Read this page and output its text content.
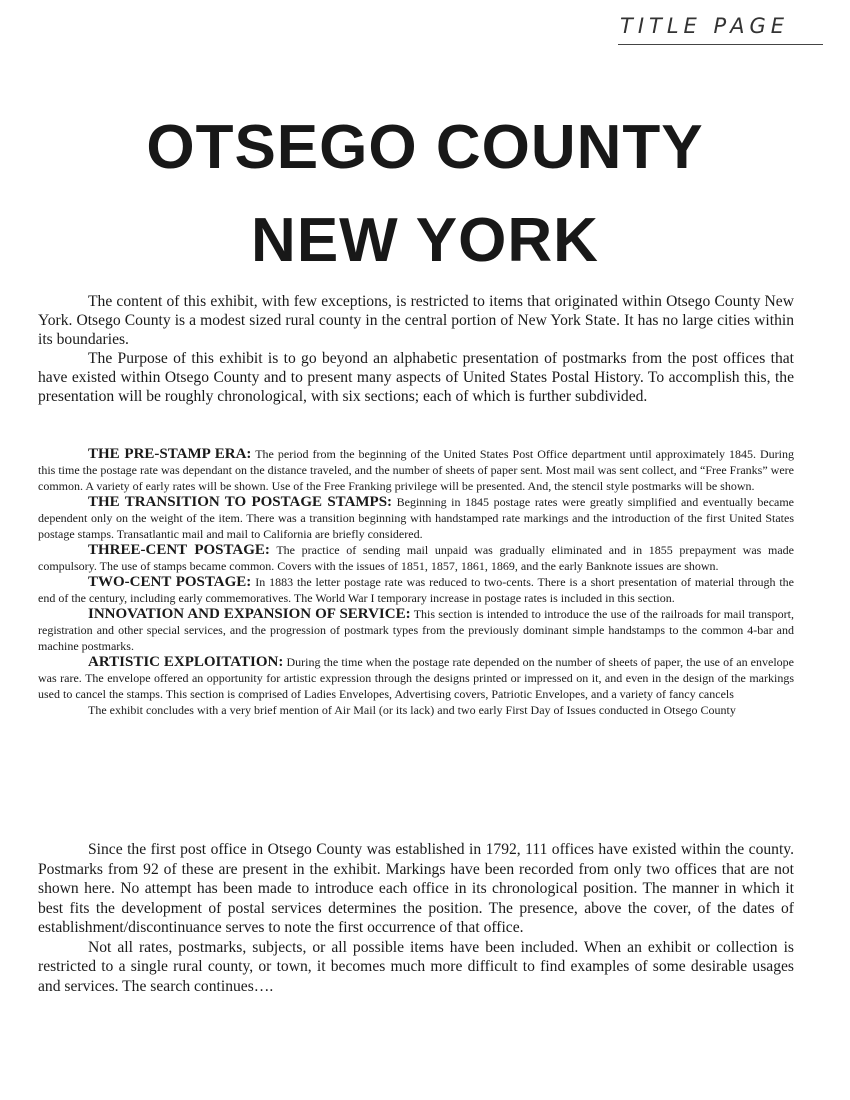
TITLE PAGE
OTSEGO COUNTY
NEW YORK

The content of this exhibit, with few exceptions, is restricted to items that originated within Otsego County New York. Otsego County is a modest sized rural county in the central portion of New York State. It has no large cities within its boundaries.

The Purpose of this exhibit is to go beyond an alphabetic presentation of postmarks from the post offices that have existed within Otsego County and to present many aspects of United States Postal History. To accomplish this, the presentation will be roughly chronological, with six sections; each of which is further subdivided.

THE PRE-STAMP ERA: The period from the beginning of the United States Post Office department until approximately 1845. During this time the postage rate was dependant on the distance traveled, and the number of sheets of paper sent. Most mail was sent collect, and “Free Franks” were common. A variety of early rates will be shown. Use of the Free Franking privilege will be presented. And, the stencil style postmarks will be shown.

THE TRANSITION TO POSTAGE STAMPS: Beginning in 1845 postage rates were greatly simplified and eventually became dependent only on the weight of the item. There was a transition beginning with handstamped rate markings and the introduction of the first United States postage stamps. Transatlantic mail and mail to California are briefly considered.

THREE-CENT POSTAGE: The practice of sending mail unpaid was gradually eliminated and in 1855 prepayment was made compulsory. The use of stamps became common. Covers with the issues of 1851, 1857, 1861, 1869, and the early Banknote issues are shown.

TWO-CENT POSTAGE: In 1883 the letter postage rate was reduced to two-cents. There is a short presentation of material through the end of the century, including early commemoratives. The World War I temporary increase in postage rates is included in this section.

INNOVATION AND EXPANSION OF SERVICE: This section is intended to introduce the use of the railroads for mail transport, registration and other special services, and the progression of postmark types from the previously dominant simple handstamps to the common 4-bar and machine postmarks.

ARTISTIC EXPLOITATION: During the time when the postage rate depended on the number of sheets of paper, the use of an envelope was rare. The envelope offered an opportunity for artistic expression through the designs printed or impressed on it, and even in the design of the markings used to cancel the stamps. This section is comprised of Ladies Envelopes, Advertising covers, Patriotic Envelopes, and a variety of fancy cancels

The exhibit concludes with a very brief mention of Air Mail (or its lack) and two early First Day of Issues conducted in Otsego County

Since the first post office in Otsego County was established in 1792, 111 offices have existed within the county. Postmarks from 92 of these are present in the exhibit. Markings have been recorded from only two offices that are not shown here. No attempt has been made to introduce each office in its chronological position. The manner in which it best fits the development of postal services determines the position. The presence, above the cover, of the dates of establishment/discontinuance serves to note the first occurrence of that office.

Not all rates, postmarks, subjects, or all possible items have been included. When an exhibit or collection is restricted to a single rural county, or town, it becomes much more difficult to find examples of some desirable usages and services. The search continues….
